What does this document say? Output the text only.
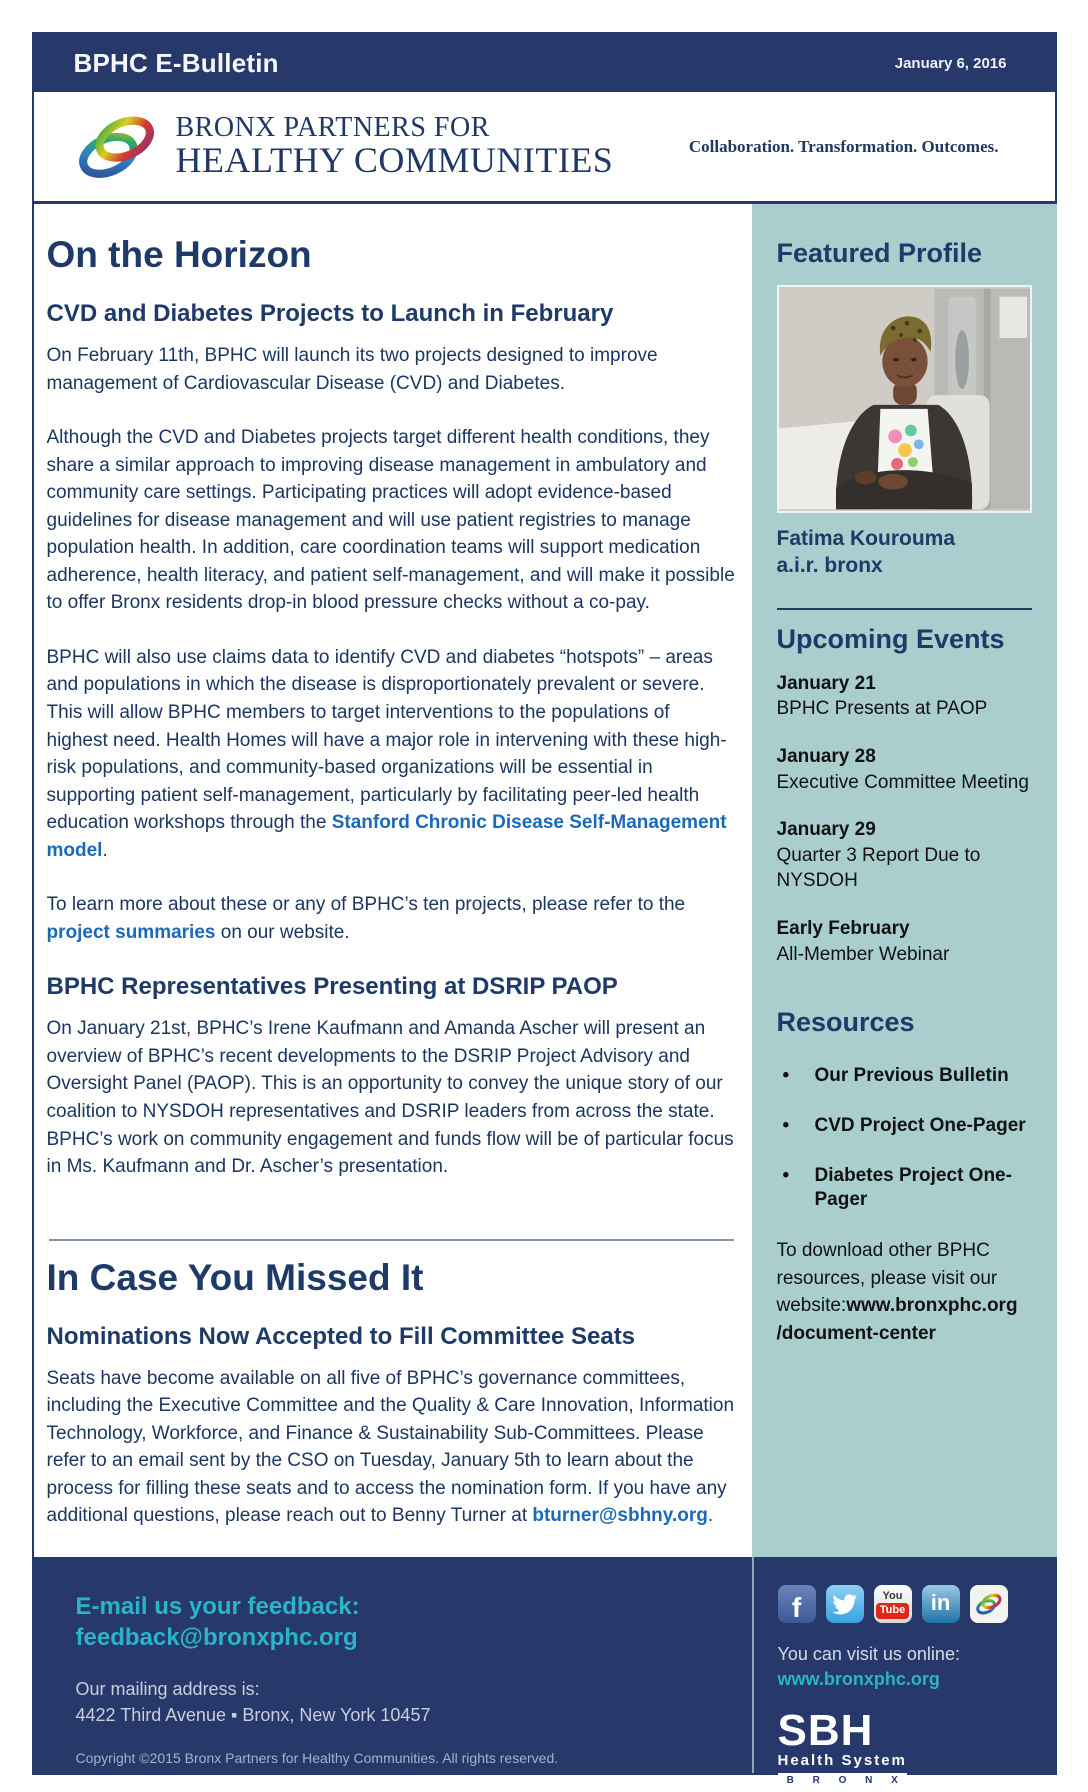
BPHC E-Bulletin	January 6, 2016
BRONX PARTNERS FOR
HEALTHY COMMUNITIES	Collaboration. Transformation. Outcomes.
On the Horizon
CVD and Diabetes Projects to Launch in February

On February 11th, BPHC will launch its two projects designed to improve management of Cardiovascular Disease (CVD) and Diabetes.

Although the CVD and Diabetes projects target different health conditions, they share a similar approach to improving disease management in ambulatory and community care settings. Participating practices will adopt evidence-based guidelines for disease management and will use patient registries to manage population health. In addition, care coordination teams will support medication adherence, health literacy, and patient self-management, and will make it possible to offer Bronx residents drop-in blood pressure checks without a co-pay.

BPHC will also use claims data to identify CVD and diabetes “hotspots” – areas and populations in which the disease is disproportionately prevalent or severe. This will allow BPHC members to target interventions to the populations of highest need. Health Homes will have a major role in intervening with these high-risk populations, and community-based organizations will be essential in supporting patient self-management, particularly by facilitating peer-led health education workshops through the Stanford Chronic Disease Self-Management model.

To learn more about these or any of BPHC’s ten projects, please refer to the project summaries on our website.

BPHC Representatives Presenting at DSRIP PAOP

On January 21st, BPHC’s Irene Kaufmann and Amanda Ascher will present an overview of BPHC’s recent developments to the DSRIP Project Advisory and Oversight Panel (PAOP). This is an opportunity to convey the unique story of our coalition to NYSDOH representatives and DSRIP leaders from across the state. BPHC’s work on community engagement and funds flow will be of particular focus in Ms. Kaufmann and Dr. Ascher’s presentation.

In Case You Missed It
Nominations Now Accepted to Fill Committee Seats

Seats have become available on all five of BPHC’s governance committees, including the Executive Committee and the Quality & Care Innovation, Information Technology, Workforce, and Finance & Sustainability Sub-Committees. Please refer to an email sent by the CSO on Tuesday, January 5th to learn about the process for filling these seats and to access the nomination form. If you have any additional questions, please reach out to Benny Turner at bturner@sbhny.org.

Featured Profile
Fatima Kourouma
a.i.r. bronx
Upcoming Events
January 21
BPHC Presents at PAOP
January 28
Executive Committee Meeting
January 29
Quarter 3 Report Due to NYSDOH
Early February
All-Member Webinar
Resources
• Our Previous Bulletin
• CVD Project One-Pager
• Diabetes Project One-Pager

To download other BPHC resources, please visit our website:www.bronxphc.org /document-center

E-mail us your feedback:
feedback@bronxphc.org
Our mailing address is:
4422 Third Avenue ▪ Bronx, New York 10457
Copyright ©2015 Bronx Partners for Healthy Communities. All rights reserved.
f	You
Tube in
You can visit us online:
www.bronxphc.org
SBH
Health System
B R O N X
